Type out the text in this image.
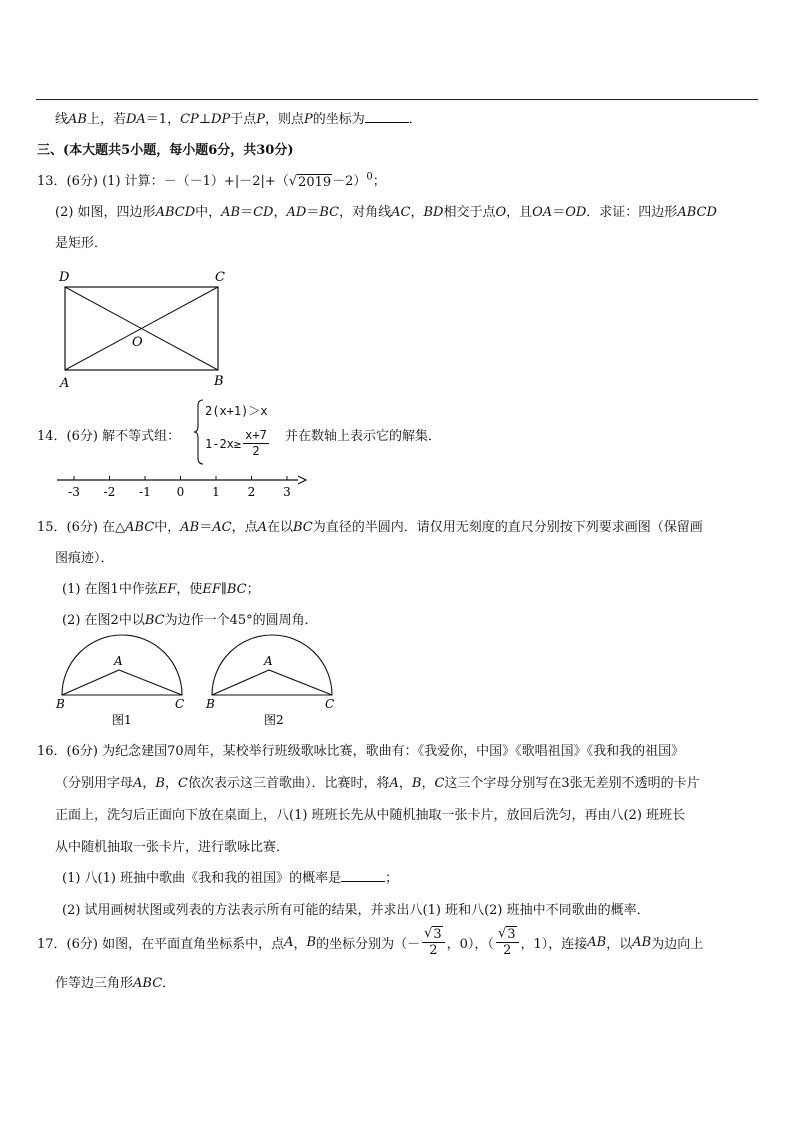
线AB上，若DA＝1，CP⊥DP于点P，则点P的坐标为	．
三、(本大题共5小题，每小题6分，共30分)
13．(6分) (1) 计算：－（－1）+|－2|+（ √ 2019 －2）$^0$；
(2) 如图，四边形ABCD中，AB＝CD，AD＝BC，对角线AC，BD相交于点O，且OA＝OD．求证：四边形ABCD
是矩形．
D	C
A	B
O
14．(6分) 解不等式组：
2(x+1)＞x
$1-2x\ge \frac{x+7}{2}$ 并在数轴上表示它的解集．
-3 -2 -1 0 1 2 3
15．(6分) 在△ABC中，AB＝AC，点A在以BC为直径的半圆内．请仅用无刻度的直尺分别按下列要求画图（保留画
图痕迹）．
(1) 在图1中作弦EF，使EF∥BC；
(2) 在图2中以BC为边作一个45°的圆周角．
A
B	C
图1
A
B	C
图2
16．(6分) 为纪念建国70周年，某校举行班级歌咏比赛，歌曲有：《我爱你，中国》《歌唱祖国》《我和我的祖国》
（分别用字母A，B，C依次表示这三首歌曲）．比赛时，将A，B，C这三个字母分别写在3张无差别不透明的卡片
正面上，洗匀后正面向下放在桌面上，八(1) 班班长先从中随机抽取一张卡片，放回后洗匀，再由八(2) 班班长
从中随机抽取一张卡片，进行歌咏比赛．
(1) 八(1) 班抽中歌曲《我和我的祖国》的概率是	；
(2) 试用画树状图或列表的方法表示所有可能的结果，并求出八(1) 班和八(2) 班抽中不同歌曲的概率．
17．(6分) 如图，在平面直角坐标系中，点 A ， B 的坐标分别为（－ $\frac{√ 3}{2}$ ，0），（ $\frac{√ 3}{2}$ ，1），连接 AB ，以 AB 为边向上
作等边三角形ABC．
